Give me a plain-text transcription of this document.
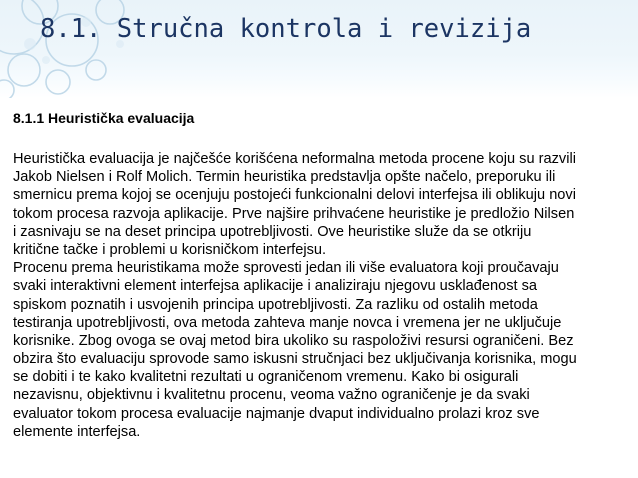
8.1. Stručna kontrola i revizija
8.1.1 Heuristička evaluacija
Heuristička evaluacija je najčešće korišćena neformalna metoda procene koju su razvili
Jakob Nielsen i Rolf Molich. Termin heuristika predstavlja opšte načelo, preporuku ili
smernicu prema kojoj se ocenjuju postojeći funkcionalni delovi interfejsa ili oblikuju novi
tokom procesa razvoja aplikacije. Prve najšire prihvaćene heuristike je predložio Nilsen
i zasnivaju se na deset principa upotrebljivosti. Ove heuristike služe da se otkriju
kritične tačke i problemi u korisničkom interfejsu.
Procenu prema heuristikama može sprovesti jedan ili više evaluatora koji proučavaju
svaki interaktivni element interfejsa aplikacije i analiziraju njegovu usklađenost sa
spiskom poznatih i usvojenih principa upotrebljivosti. Za razliku od ostalih metoda
testiranja upotrebljivosti, ova metoda zahteva manje novca i vremena jer ne uključuje
korisnike. Zbog ovoga se ovaj metod bira ukoliko su raspoloživi resursi ograničeni. Bez
obzira što evaluaciju sprovode samo iskusni stručnjaci bez uključivanja korisnika, mogu
se dobiti i te kako kvalitetni rezultati u ograničenom vremenu. Kako bi osigurali
nezavisnu, objektivnu i kvalitetnu procenu, veoma važno ograničenje je da svaki
evaluator tokom procesa evaluacije najmanje dvaput individualno prolazi kroz sve
elemente interfejsa.
